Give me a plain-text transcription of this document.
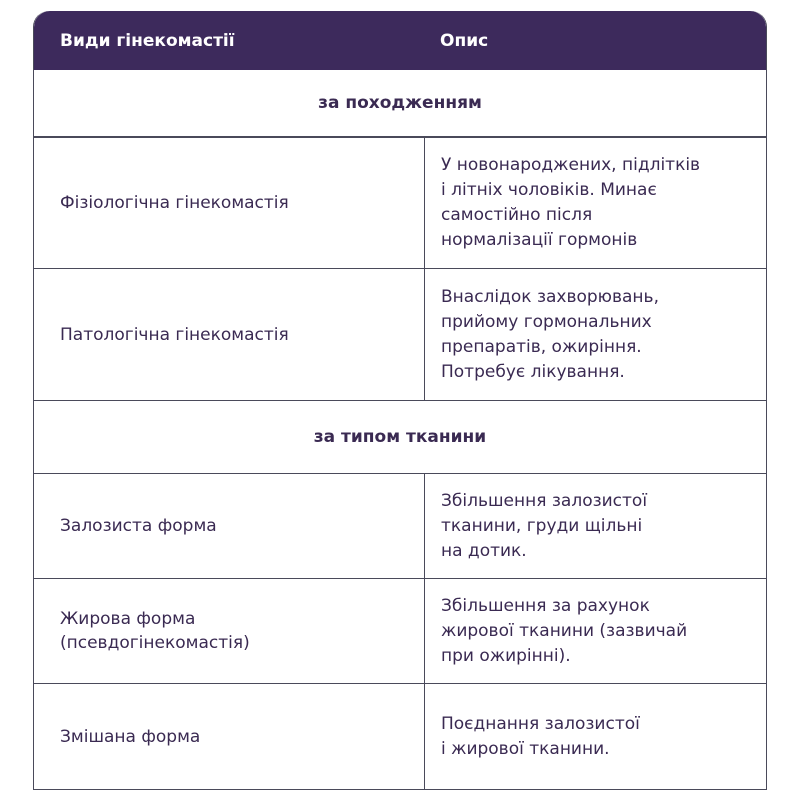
Види гінекомастії	Опис
за походженням
Фізіологічна гінекомастія
У новонароджених, підлітків
і літніх чоловіків. Минає
самостійно після
нормалізації гормонів
Патологічна гінекомастія
Внаслідок захворювань,
прийому гормональних
препаратів, ожиріння.
Потребує лікування.
за типом тканини
Залозиста форма
Збільшення залозистої
тканини, груди щільні
на дотик.
Жирова форма
(псевдогінекомастія)
Збільшення за рахунок
жирової тканини (зазвичай
при ожирінні).
Змішана форма
Поєднання залозистої
і жирової тканини.
